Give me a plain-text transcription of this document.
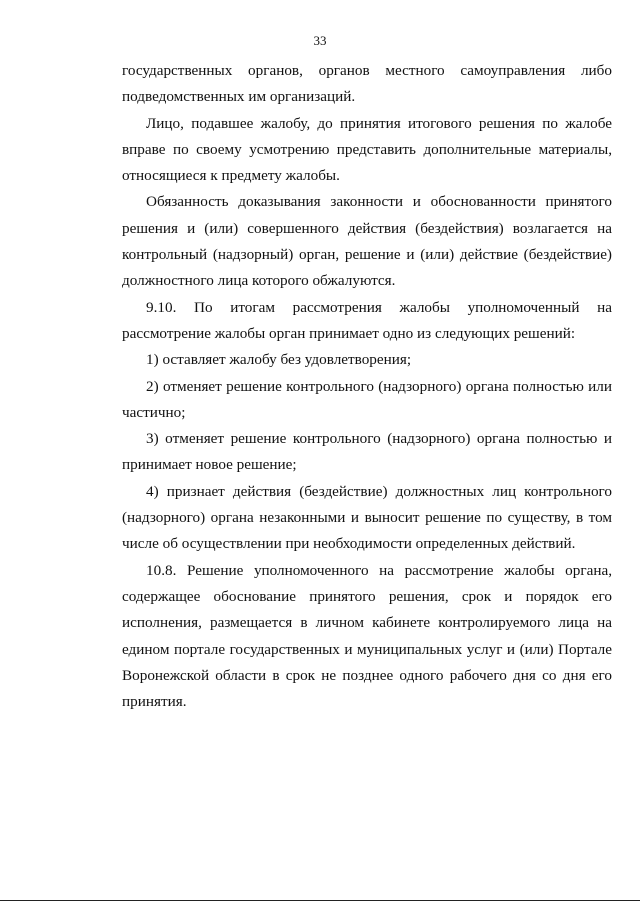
33

государственных органов, органов местного самоуправления либо подведомственных им организаций.

Лицо, подавшее жалобу, до принятия итогового решения по жалобе вправе по своему усмотрению представить дополнительные материалы, относящиеся к предмету жалобы.

Обязанность доказывания законности и обоснованности принятого решения и (или) совершенного действия (бездействия) возлагается на контрольный (надзорный) орган, решение и (или) действие (бездействие) должностного лица которого обжалуются.

9.10. По итогам рассмотрения жалобы уполномоченный на рассмотрение жалобы орган принимает одно из следующих решений:

1) оставляет жалобу без удовлетворения;

2) отменяет решение контрольного (надзорного) органа полностью или частично;

3) отменяет решение контрольного (надзорного) органа полностью и принимает новое решение;

4) признает действия (бездействие) должностных лиц контрольного (надзорного) органа незаконными и выносит решение по существу, в том числе об осуществлении при необходимости определенных действий.

10.8. Решение уполномоченного на рассмотрение жалобы органа, содержащее обоснование принятого решения, срок и порядок его исполнения, размещается в личном кабинете контролируемого лица на едином портале государственных и муниципальных услуг и (или) Портале Воронежской области в срок не позднее одного рабочего дня со дня его принятия.
